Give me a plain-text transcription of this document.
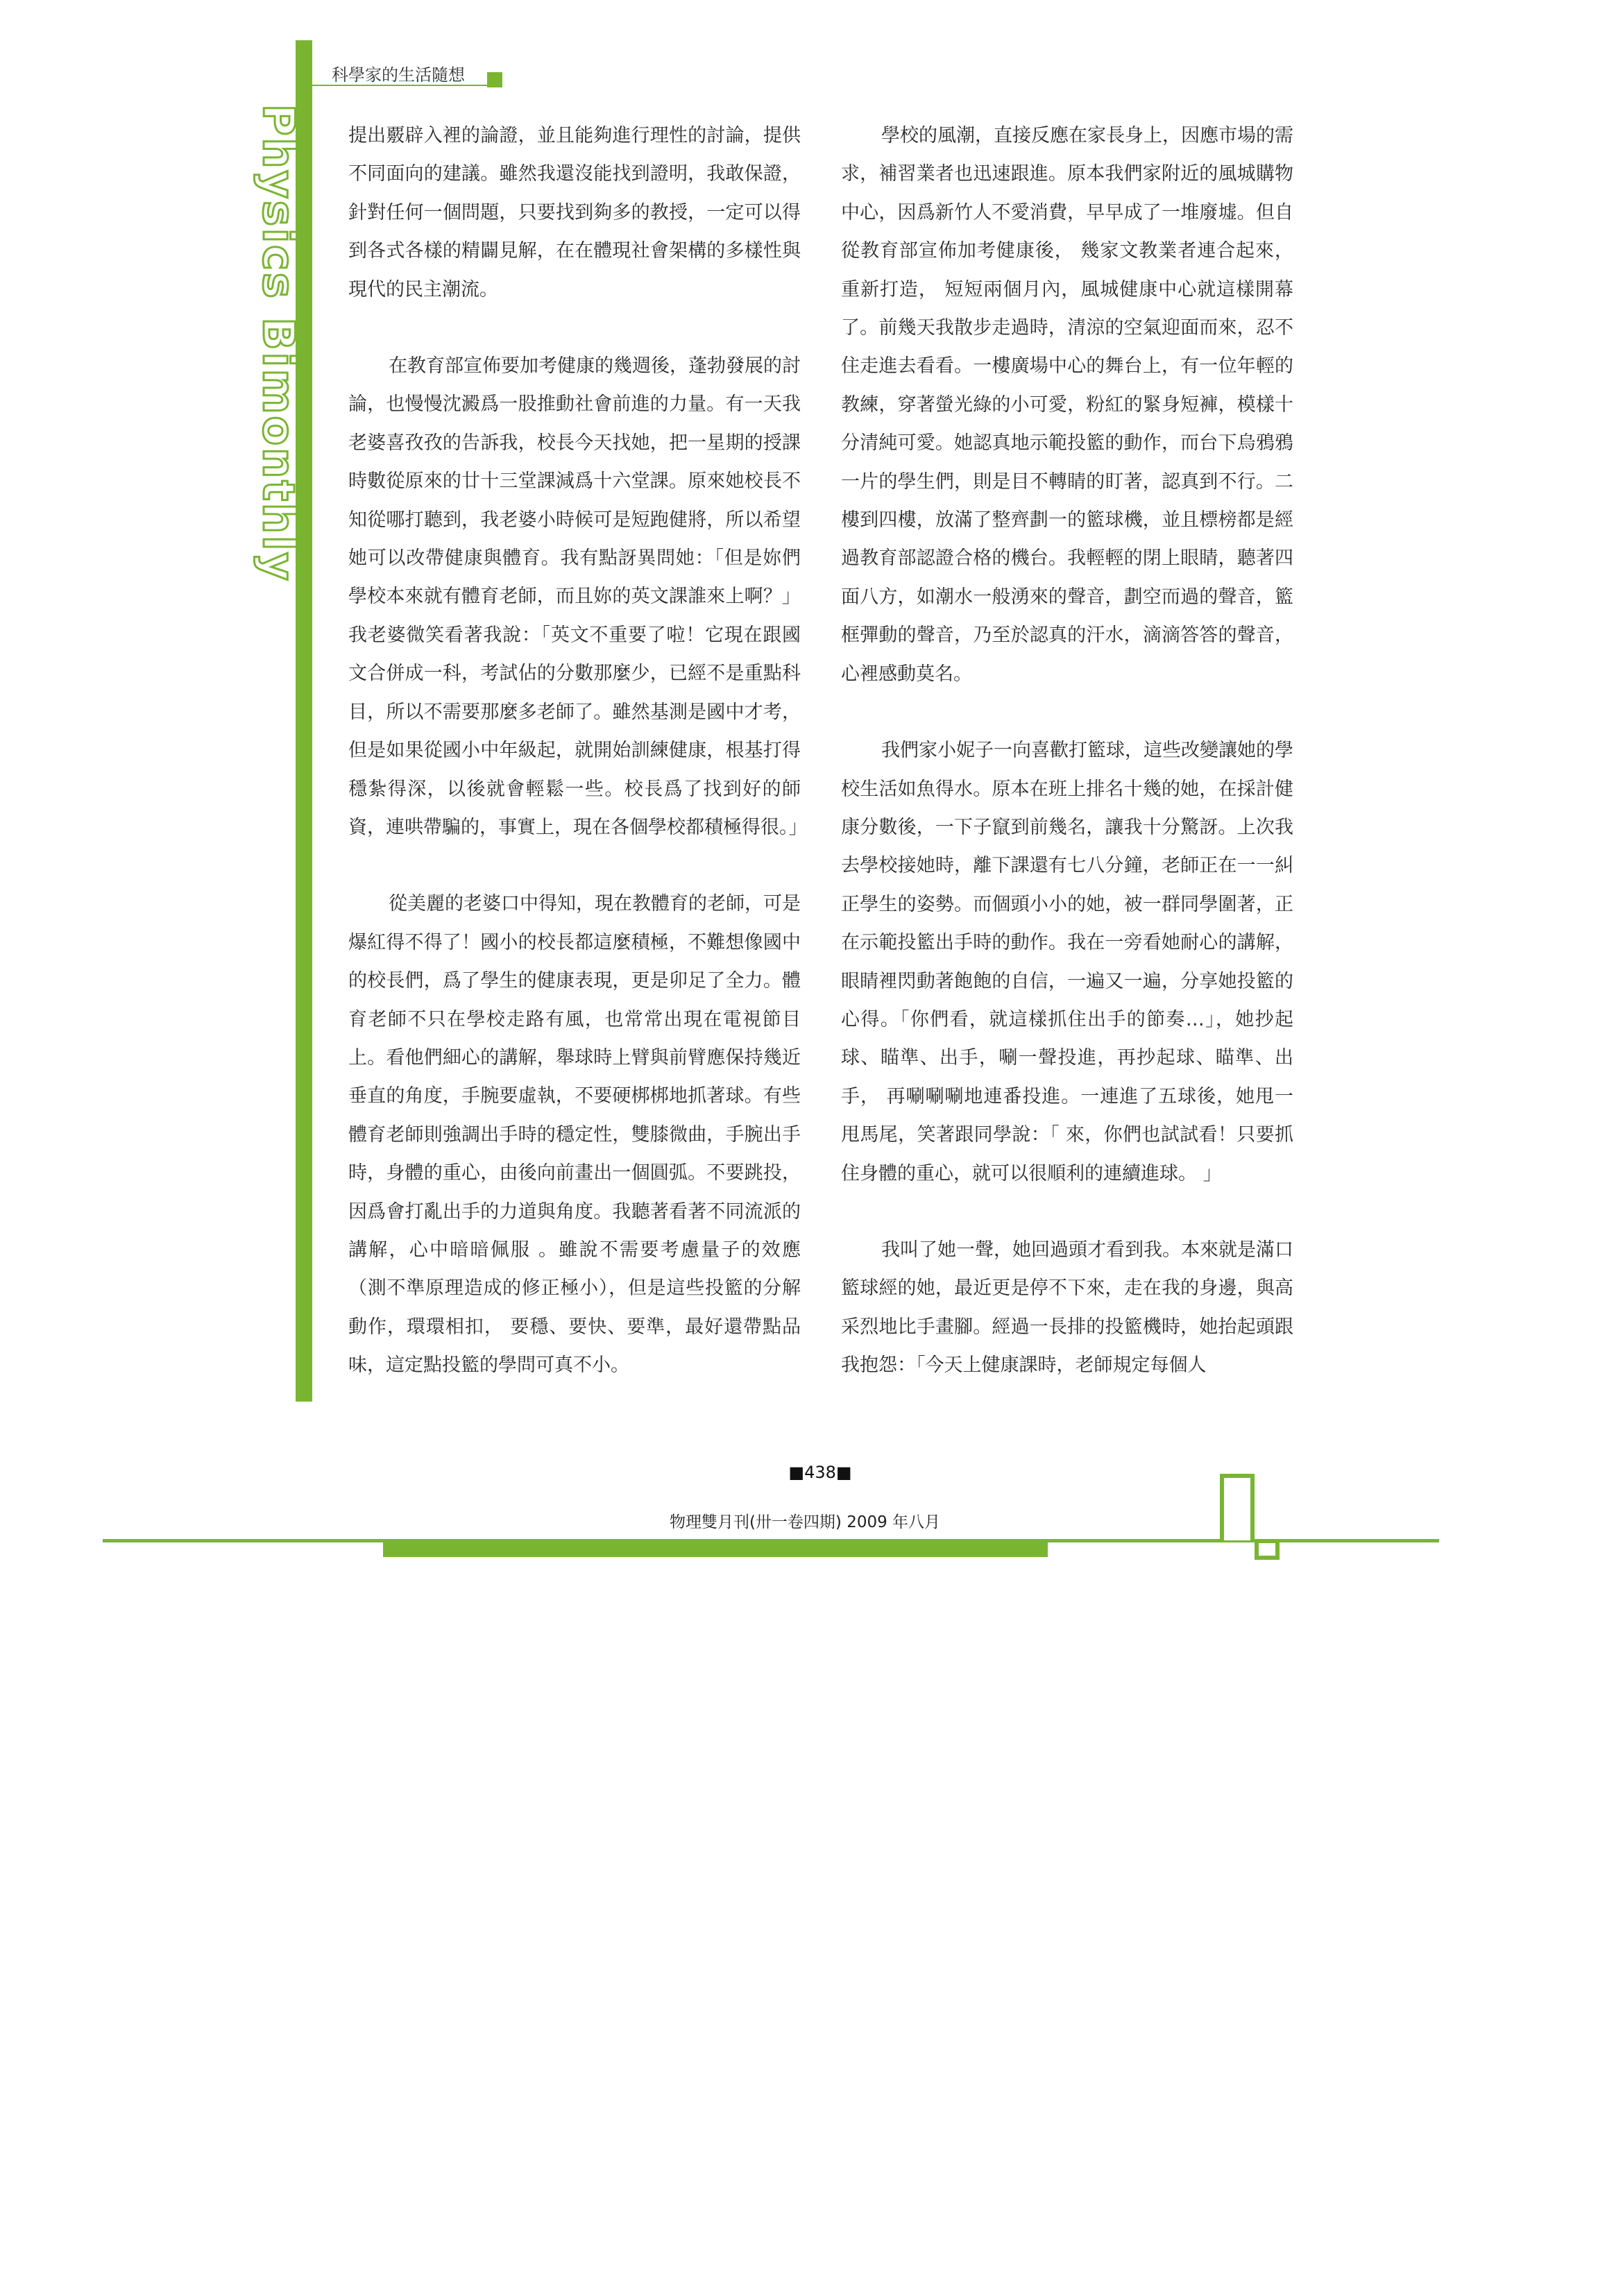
科學家的生活隨想
Physics Bimonthly 提出覈辟入裡的論證，並且能夠進行理性的討論，提供不同面向的建議。雖然我還沒能找到證明，我敢保證，針對任何一個問題，只要找到夠多的教授，一定可以得到各式各樣的精闢見解，在在體現社會架構的多樣性與現代的民主潮流。

在教育部宣佈要加考健康的幾週後，蓬勃發展的討論，也慢慢沈澱爲一股推動社會前進的力量。有一天我老婆喜孜孜的告訴我，校長今天找她，把一星期的授課時數從原來的廿十三堂課減爲十六堂課。原來她校長不知從哪打聽到，我老婆小時候可是短跑健將，所以希望她可以改帶健康與體育。我有點訝異問她：「但是妳們學校本來就有體育老師，而且妳的英文課誰來上啊？」我老婆微笑看著我說：「英文不重要了啦！它現在跟國文合併成一科，考試佔的分數那麼少，已經不是重點科目，所以不需要那麼多老師了。雖然基測是國中才考，但是如果從國小中年級起，就開始訓練健康，根基打得穩紮得深，以後就會輕鬆一些。校長爲了找到好的師資，連哄帶騙的，事實上，現在各個學校都積極得很。」

從美麗的老婆口中得知，現在教體育的老師，可是爆紅得不得了！國小的校長都這麼積極，不難想像國中的校長們，爲了學生的健康表現，更是卯足了全力。體育老師不只在學校走路有風，也常常出現在電視節目上。看他們細心的講解，舉球時上臂與前臂應保持幾近垂直的角度，手腕要虛執，不要硬梆梆地抓著球。有些體育老師則強調出手時的穩定性，雙膝微曲，手腕出手時，身體的重心，由後向前畫出一個圓弧。不要跳投，因爲會打亂出手的力道與角度。我聽著看著不同流派的講解，心中暗暗佩服 。雖說不需要考慮量子的效應（測不準原理造成的修正極小），但是這些投籃的分解動作，環環相扣， 要穩、要快、要準，最好還帶點品味，這定點投籃的學問可真不小。

學校的風潮，直接反應在家長身上，因應市場的需求，補習業者也迅速跟進。原本我們家附近的風城購物中心，因爲新竹人不愛消費，早早成了一堆廢墟。但自從教育部宣佈加考健康後， 幾家文教業者連合起來，重新打造， 短短兩個月內，風城健康中心就這樣開幕了。前幾天我散步走過時，清涼的空氣迎面而來，忍不住走進去看看。一樓廣場中心的舞台上，有一位年輕的教練，穿著螢光綠的小可愛，粉紅的緊身短褲，模樣十分清純可愛。她認真地示範投籃的動作，而台下烏鴉鴉一片的學生們，則是目不轉睛的盯著，認真到不行。二樓到四樓，放滿了整齊劃一的籃球機，並且標榜都是經過教育部認證合格的機台。我輕輕的閉上眼睛，聽著四面八方，如潮水一般湧來的聲音，劃空而過的聲音，籃框彈動的聲音，乃至於認真的汗水，滴滴答答的聲音，心裡感動莫名。

我們家小妮子一向喜歡打籃球，這些改變讓她的學校生活如魚得水。原本在班上排名十幾的她，在採計健康分數後，一下子竄到前幾名，讓我十分驚訝。上次我去學校接她時，離下課還有七八分鐘，老師正在一一糾正學生的姿勢。而個頭小小的她，被一群同學圍著，正在示範投籃出手時的動作。我在一旁看她耐心的講解，眼睛裡閃動著飽飽的自信，一遍又一遍，分享她投籃的心得。「你們看，就這樣抓住出手的節奏…」，她抄起球、瞄準、出手，唰一聲投進，再抄起球、瞄準、出手， 再唰唰唰地連番投進。一連進了五球後，她甩一甩馬尾，笑著跟同學說：「 來，你們也試試看！只要抓住身體的重心，就可以很順利的連續進球。 」

我叫了她一聲，她回過頭才看到我。本來就是滿口籃球經的她，最近更是停不下來，走在我的身邊，與高采烈地比手畫腳。經過一長排的投籃機時，她抬起頭跟我抱怨：「今天上健康課時，老師規定每個人

■438■
物理雙月刊(卅一卷四期) 2009 年八月
